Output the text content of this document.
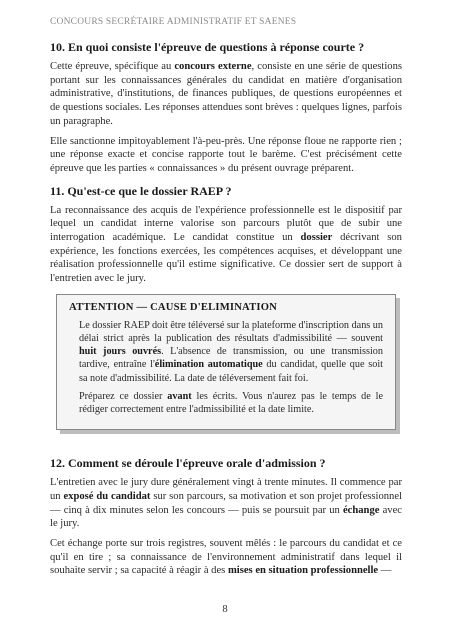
CONCOURS SECRÉTAIRE ADMINISTRATIF ET SAENES
10. En quoi consiste l'épreuve de questions à réponse courte ?

Cette épreuve, spécifique au concours externe, consiste en une série de questions portant sur les connaissances générales du candidat en matière d'organisation administrative, d'institutions, de finances publiques, de questions européennes et de questions sociales. Les réponses attendues sont brèves : quelques lignes, parfois un paragraphe.

Elle sanctionne impitoyablement l'à-peu-près. Une réponse floue ne rapporte rien ; une réponse exacte et concise rapporte tout le barème. C'est précisément cette épreuve que les parties « connaissances » du présent ouvrage préparent.

11. Qu'est-ce que le dossier RAEP ?

La reconnaissance des acquis de l'expérience professionnelle est le dispositif par lequel un candidat interne valorise son parcours plutôt que de subir une interrogation académique. Le candidat constitue un dossier décrivant son expérience, les fonctions exercées, les compétences acquises, et développant une réalisation professionnelle qu'il estime significative. Ce dossier sert de support à l'entretien avec le jury.

ATTENTION — CAUSE D'ELIMINATION

Le dossier RAEP doit être téléversé sur la plateforme d'inscription dans un délai strict après la publication des résultats d'admissibilité — souvent huit jours ouvrés. L'absence de transmission, ou une transmission tardive, entraîne l'élimination automatique du candidat, quelle que soit sa note d'admissibilité. La date de téléversement fait foi.

Préparez ce dossier avant les écrits. Vous n'aurez pas le temps de le rédiger correctement entre l'admissibilité et la date limite.

12. Comment se déroule l'épreuve orale d'admission ?

L'entretien avec le jury dure généralement vingt à trente minutes. Il commence par un exposé du candidat sur son parcours, sa motivation et son projet professionnel — cinq à dix minutes selon les concours — puis se poursuit par un échange avec le jury.

Cet échange porte sur trois registres, souvent mêlés : le parcours du candidat et ce qu'il en tire ; sa connaissance de l'environnement administratif dans lequel il souhaite servir ; sa capacité à réagir à des mises en situation professionnelle —

8
